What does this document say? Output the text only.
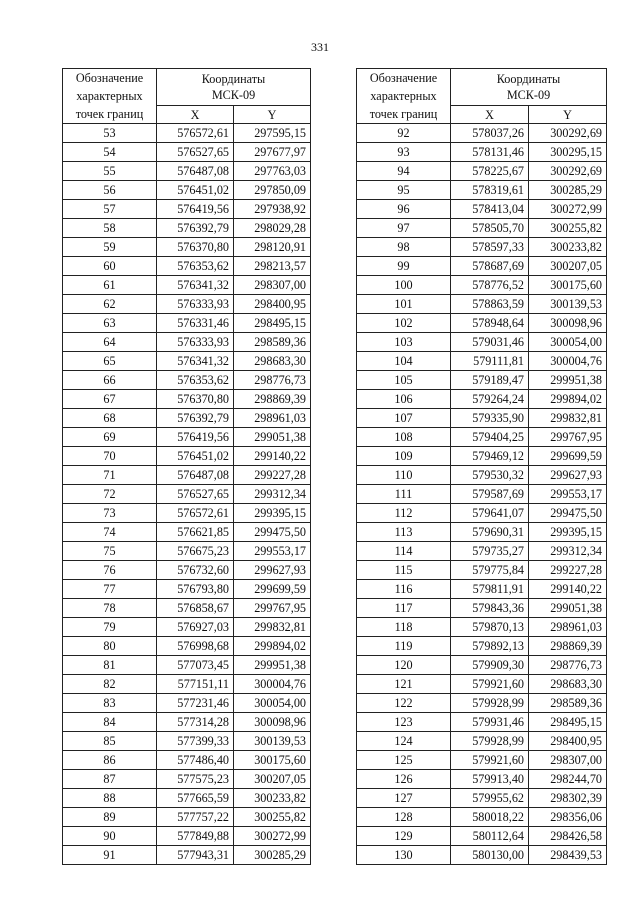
331
Обозначение характерных точек границ	Координаты
МСК-09	

	X	Y
53	576572,61	297595,15
54	576527,65	297677,97
55	576487,08	297763,03
56	576451,02	297850,09
57	576419,56	297938,92
58	576392,79	298029,28
59	576370,80	298120,91
60	576353,62	298213,57
61	576341,32	298307,00
62	576333,93	298400,95
63	576331,46	298495,15
64	576333,93	298589,36
65	576341,32	298683,30
66	576353,62	298776,73
67	576370,80	298869,39
68	576392,79	298961,03
69	576419,56	299051,38
70	576451,02	299140,22
71	576487,08	299227,28
72	576527,65	299312,34
73	576572,61	299395,15
74	576621,85	299475,50
75	576675,23	299553,17
76	576732,60	299627,93
77	576793,80	299699,59
78	576858,67	299767,95
79	576927,03	299832,81
80	576998,68	299894,02
81	577073,45	299951,38
82	577151,11	300004,76
83	577231,46	300054,00
84	577314,28	300098,96
85	577399,33	300139,53
86	577486,40	300175,60
87	577575,23	300207,05
88	577665,59	300233,82
89	577757,22	300255,82
90	577849,88	300272,99
91	577943,31	300285,29
Обозначение характерных точек границ	Координаты
МСК-09	

	X	Y
92	578037,26	300292,69
93	578131,46	300295,15
94	578225,67	300292,69
95	578319,61	300285,29
96	578413,04	300272,99
97	578505,70	300255,82
98	578597,33	300233,82
99	578687,69	300207,05
100	578776,52	300175,60
101	578863,59	300139,53
102	578948,64	300098,96
103	579031,46	300054,00
104	579111,81	300004,76
105	579189,47	299951,38
106	579264,24	299894,02
107	579335,90	299832,81
108	579404,25	299767,95
109	579469,12	299699,59
110	579530,32	299627,93
111	579587,69	299553,17
112	579641,07	299475,50
113	579690,31	299395,15
114	579735,27	299312,34
115	579775,84	299227,28
116	579811,91	299140,22
117	579843,36	299051,38
118	579870,13	298961,03
119	579892,13	298869,39
120	579909,30	298776,73
121	579921,60	298683,30
122	579928,99	298589,36
123	579931,46	298495,15
124	579928,99	298400,95
125	579921,60	298307,00
126	579913,40	298244,70
127	579955,62	298302,39
128	580018,22	298356,06
129	580112,64	298426,58
130	580130,00	298439,53
